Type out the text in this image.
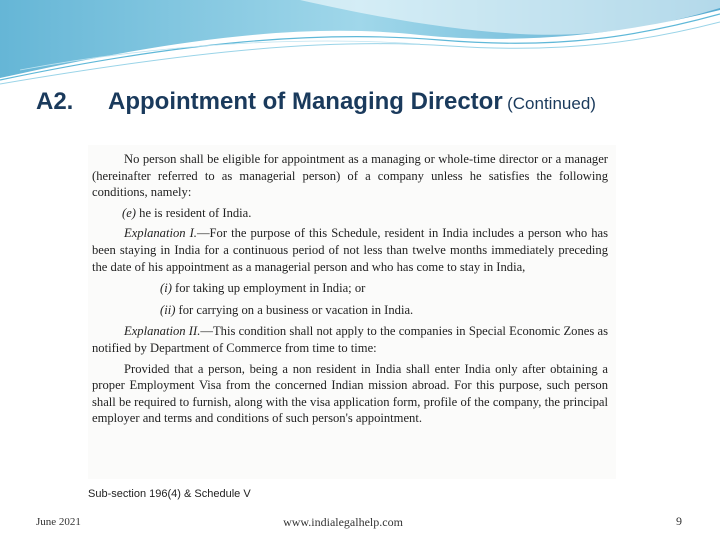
A2. Appointment of Managing Director (Continued)

No person shall be eligible for appointment as a managing or whole-time director or a manager (hereinafter referred to as managerial person) of a company unless he satisfies the following conditions, namely:

(e) he is resident of India.

Explanation I.—For the purpose of this Schedule, resident in India includes a person who has been staying in India for a continuous period of not less than twelve months immediately preceding the date of his appointment as a managerial person and who has come to stay in India,

(i) for taking up employment in India; or

(ii) for carrying on a business or vacation in India.

Explanation II.—This condition shall not apply to the companies in Special Economic Zones as notified by Department of Commerce from time to time:

Provided that a person, being a non resident in India shall enter India only after obtaining a proper Employment Visa from the concerned Indian mission abroad. For this purpose, such person shall be required to furnish, along with the visa application form, profile of the company, the principal employer and terms and conditions of such person's appointment.

Sub-section 196(4) & Schedule V
June 2021	www.indialegalhelp.com	9
